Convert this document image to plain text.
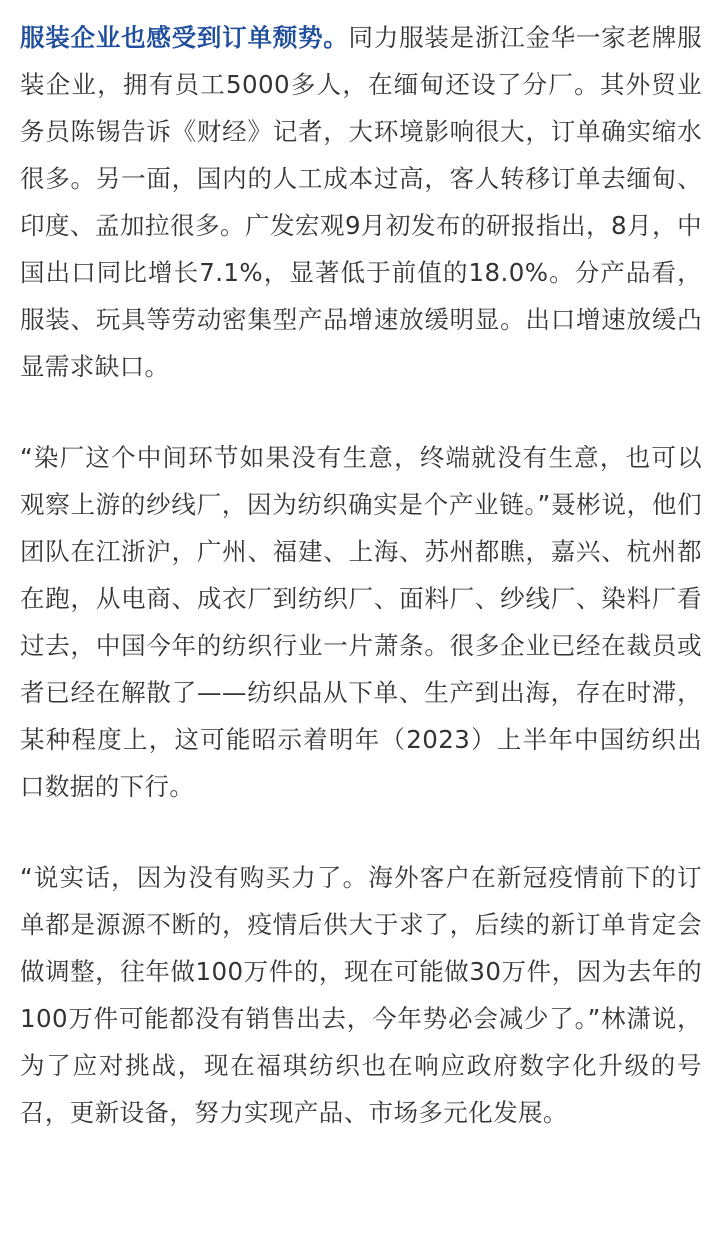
服装企业也感受到订单颓势。同力服装是浙江金华一家老牌服装企业，拥有员工5000多人，在缅甸还设了分厂。其外贸业务员陈锡告诉《财经》记者，大环境影响很大，订单确实缩水很多。另一面，国内的人工成本过高，客人转移订单去缅甸、印度、孟加拉很多。广发宏观9月初发布的研报指出，8月，中国出口同比增长7.1%，显著低于前值的18.0%。分产品看，服装、玩具等劳动密集型产品增速放缓明显。出口增速放缓凸显需求缺口。

“染厂这个中间环节如果没有生意，终端就没有生意，也可以观察上游的纱线厂，因为纺织确实是个产业链。”聂彬说，他们团队在江浙沪，广州、福建、上海、苏州都瞧，嘉兴、杭州都在跑，从电商、成衣厂到纺织厂、面料厂、纱线厂、染料厂看过去，中国今年的纺织行业一片萧条。很多企业已经在裁员或者已经在解散了——纺织品从下单、生产到出海，存在时滞，某种程度上，这可能昭示着明年（2023）上半年中国纺织出口数据的下行。

“说实话，因为没有购买力了。海外客户在新冠疫情前下的订单都是源源不断的，疫情后供大于求了，后续的新订单肯定会做调整，往年做100万件的，现在可能做30万件，因为去年的100万件可能都没有销售出去，今年势必会减少了。”林潇说，为了应对挑战，现在福琪纺织也在响应政府数字化升级的号召，更新设备，努力实现产品、市场多元化发展。
